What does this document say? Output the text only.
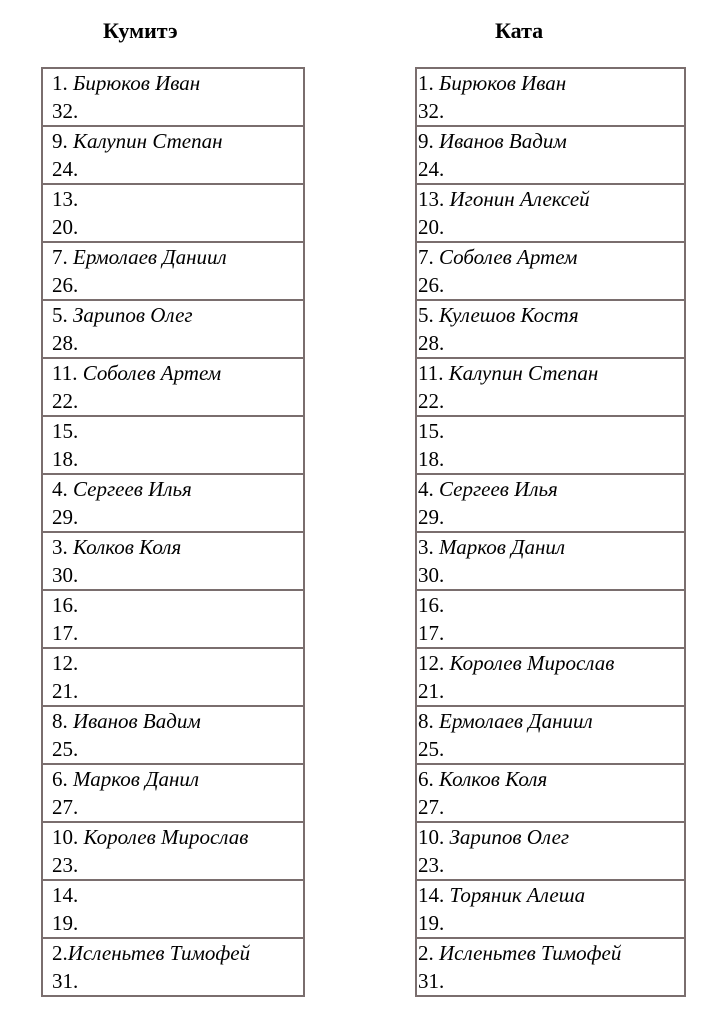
Кумитэ	Ката
1. Бирюков Иван
32.

9. Калупин Степан
24.

13.
20.

7. Ермолаев Даниил
26.

5. Зарипов Олег
28.

11. Соболев Артем
22.

15.
18.

4. Сергеев Илья
29.

3. Колков Коля
30.

16.
17.

12.
21.

8. Иванов Вадим
25.

6. Марков Данил
27.

10. Королев Мирослав
23.

14.
19.

2.Исленьтев Тимофей
31.
1. Бирюков Иван
32.

9. Иванов Вадим
24.

13. Игонин Алексей
20.

7. Соболев Артем
26.

5. Кулешов Костя
28.

11. Калупин Степан
22.

15.
18.

4. Сергеев Илья
29.

3. Марков Данил
30.

16.
17.

12. Королев Мирослав
21.

8. Ермолаев Даниил
25.

6. Колков Коля
27.

10. Зарипов Олег
23.

14. Торяник Алеша
19.

2. Исленьтев Тимофей
31.
